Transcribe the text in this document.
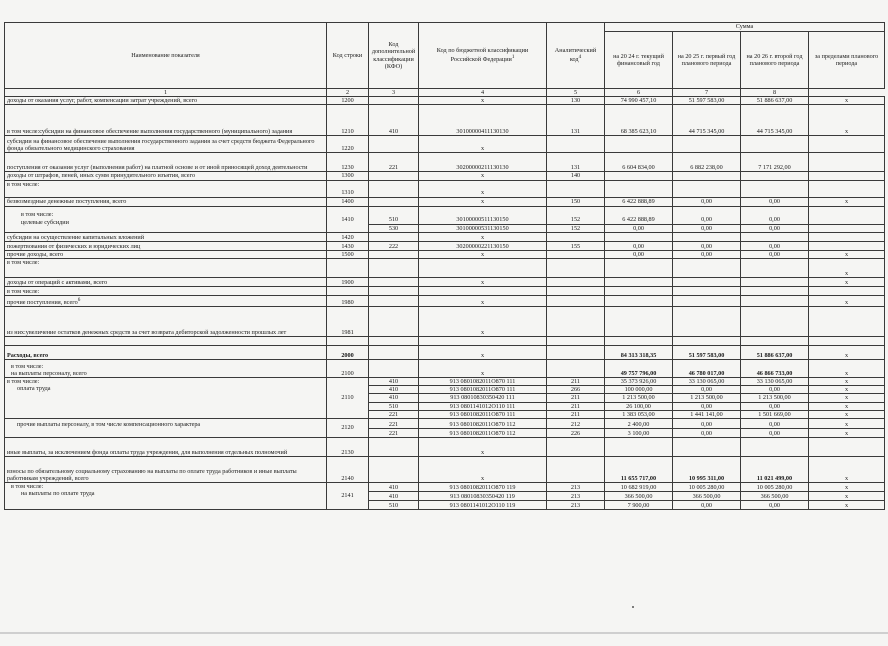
Наименование показателя	Код строки	Код дополнительной классификации (КФО)	Код по бюджетной классификации Российской Федерации$^1$	Аналитический код$^4$	Сумма			
					на 20 24 г. текущий финансовый год	на 20 25 г. первый год планового периода	на 20 26 г. второй год планового периода	за пределами планового периода
1	2	3	4	5	6	7	8	
доходы от оказания услуг, работ, компенсации затрат учреждений, всего	1200		х	130	74 990 457,10	51 597 583,00	51 886 637,00	х
в том числе:субсидии на финансовое обеспечение выполнения государственного (муниципального) задания	1210	410	30100000411130130	131	68 385 623,10	44 715 345,00	44 715 345,00	х
субсидии на финансовое обеспечение выполнения государственного задания за счет средств бюджета Федерального фонда обязательного медицинского страхования	1220		х					
поступления от оказания услуг (выполнения работ) на платной основе и от иной приносящей доход деятельности	1230	221	30200000211130130	131	6 604 834,00	6 882 238,00	7 171 292,00	
доходы от штрафов, пеней, иных сумм принудительного изъятия, всего	1300		х	140				
в том числе:	1310		х					
безвозмездные денежные поступления, всего	1400		х	150	6 422 888,89	0,00	0,00	х

в том числе:
целевые субсидии	1410	510	30100000511130150	152	6 422 888,89	0,00	0,00	
		530	30100000531130150	152	0,00	0,00	0,00	
субсидии на осуществление капитальных вложений	1420		х					
пожертвования от физических и юридических лиц	1430	222	30200000221130150	155	0,00	0,00	0,00	
прочие доходы, всего	1500		х		0,00	0,00	0,00	х
в том числе:								х
доходы от операций с активами, всего	1900		х					х
в том числе:								
прочие поступления, всего$^6$	1980		х					х
из них:увеличение остатков денежных средств за счет возврата дебиторской задолженности прошлых лет	1981		х					

Расходы, всего	2000		х		84 313 318,35	51 597 583,00	51 886 637,00	х
в том числе:
на выплаты персоналу, всего	2100		х		49 757 796,00	46 780 017,00	46 866 733,00	х
в том числе:
оплата труда	2110	410	913 0801082011О870 111	211	35 373 926,00	33 130 065,00	33 130 065,00	х
		410	913 0801082011О870 111	266	100 000,00	0,00	0,00	х
		410	913 08010830350420 111	211	1 213 500,00	1 213 500,00	1 213 500,00	х
		510	913 0801141012О110 111	211	26 100,00	0,00	0,00	х
		221	913 0801082011О870 111	211	1 383 053,00	1 441 141,00	1 501 669,00	х
прочие выплаты персоналу, в том числе компенсационного характера	2120	221	913 0801082011О870 112	212	2 400,00	0,00	0,00	х
		221	913 0801082011О870 112	226	3 100,00	0,00	0,00	х
иные выплаты, за исключением фонда оплаты труда учреждения, для выполнения отдельных полномочий	2130		х					
взносы по обязательному социальному страхованию на выплаты по оплате труда работников и иные выплаты работникам учреждений, всего	2140		х		11 655 717,00	10 995 311,00	11 021 499,00	х

в том числе:
на выплаты по оплате труда	2141	410	913 0801082011О870 119	213	10 682 919,00	10 005 280,00	10 005 280,00	х
		410	913 08010830350420 119	213	366 500,00	366 500,00	366 500,00	х
		510	913 0801141012О110 119	213	7 900,00	0,00	0,00	х
